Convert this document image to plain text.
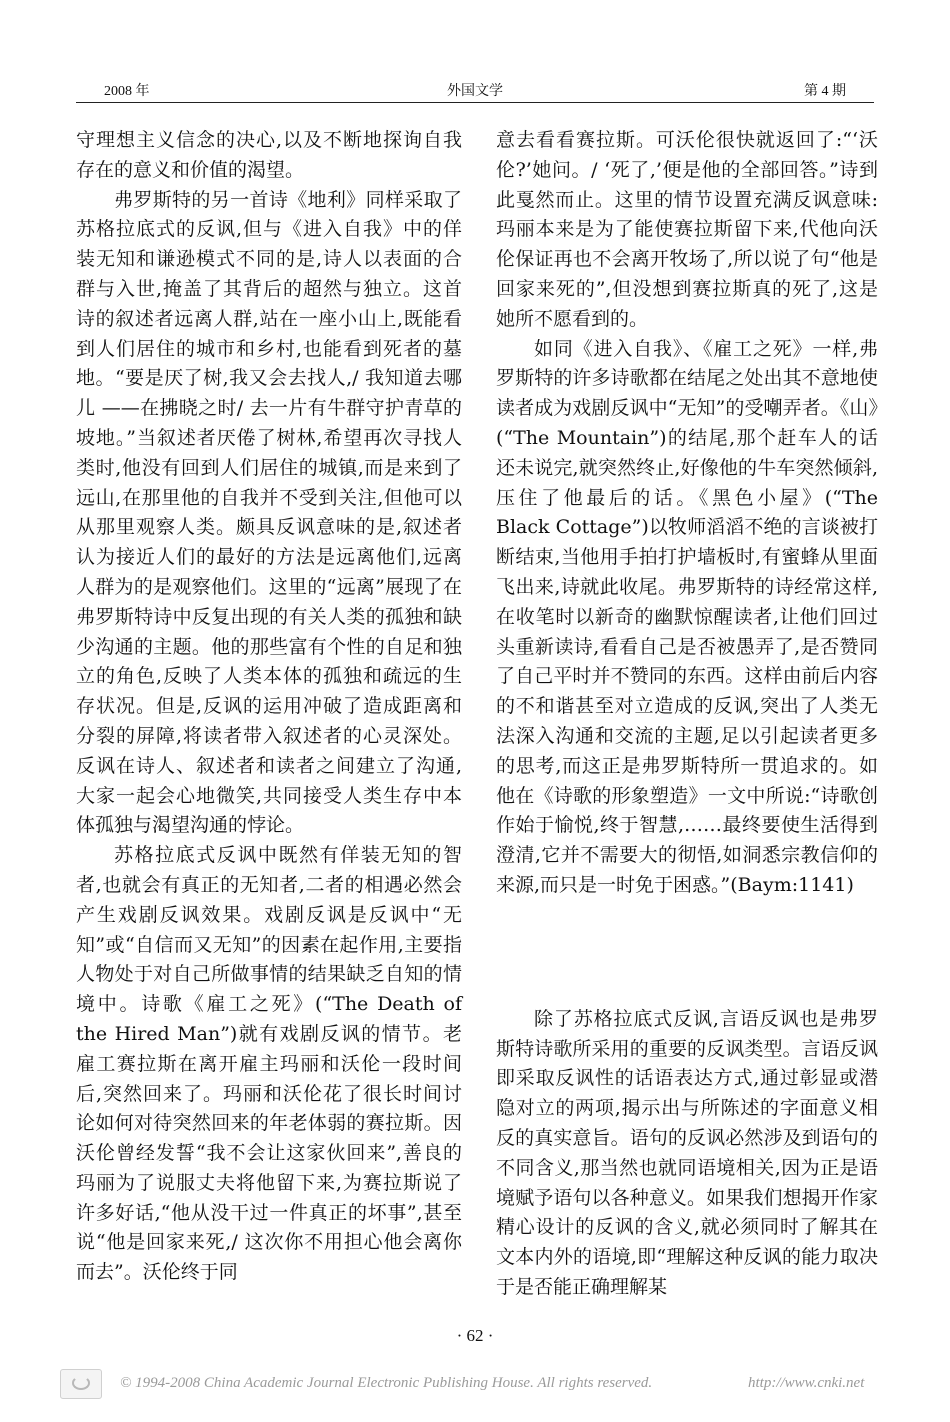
2008 年	外国文学	第 4 期

守理想主义信念的决心,以及不断地探询自我存在的意义和价值的渴望。

弗罗斯特的另一首诗《地利》同样采取了苏格拉底式的反讽,但与《进入自我》中的佯装无知和谦逊模式不同的是,诗人以表面的合群与入世,掩盖了其背后的超然与独立。这首诗的叙述者远离人群,站在一座小山上,既能看到人们居住的城市和乡村,也能看到死者的墓地。“要是厌了树,我又会去找人,/ 我知道去哪儿 ——在拂晓之时/ 去一片有牛群守护青草的坡地。”当叙述者厌倦了树林,希望再次寻找人类时,他没有回到人们居住的城镇,而是来到了远山,在那里他的自我并不受到关注,但他可以从那里观察人类。颇具反讽意味的是,叙述者认为接近人们的最好的方法是远离他们,远离人群为的是观察他们。这里的“远离”展现了在弗罗斯特诗中反复出现的有关人类的孤独和缺少沟通的主题。他的那些富有个性的自足和独立的角色,反映了人类本体的孤独和疏远的生存状况。但是,反讽的运用冲破了造成距离和分裂的屏障,将读者带入叙述者的心灵深处。反讽在诗人、叙述者和读者之间建立了沟通,大家一起会心地微笑,共同接受人类生存中本体孤独与渴望沟通的悖论。

苏格拉底式反讽中既然有佯装无知的智者,也就会有真正的无知者,二者的相遇必然会产生戏剧反讽效果。戏剧反讽是反讽中“无知”或“自信而又无知”的因素在起作用,主要指人物处于对自己所做事情的结果缺乏自知的情境中。诗歌《雇工之死》(“The Death of the Hired Man”)就有戏剧反讽的情节。老雇工赛拉斯在离开雇主玛丽和沃伦一段时间后,突然回来了。玛丽和沃伦花了很长时间讨论如何对待突然回来的年老体弱的赛拉斯。因沃伦曾经发誓“我不会让这家伙回来”,善良的玛丽为了说服丈夫将他留下来,为赛拉斯说了许多好话,“他从没干过一件真正的坏事”,甚至说“他是回家来死,/ 这次你不用担心他会离你而去”。沃伦终于同

意去看看赛拉斯。可沃伦很快就返回了:“‘沃伦?’她问。/ ‘死了,’便是他的全部回答。”诗到此戛然而止。这里的情节设置充满反讽意味:玛丽本来是为了能使赛拉斯留下来,代他向沃伦保证再也不会离开牧场了,所以说了句“他是回家来死的”,但没想到赛拉斯真的死了,这是她所不愿看到的。

如同《进入自我》、《雇工之死》一样,弗罗斯特的许多诗歌都在结尾之处出其不意地使读者成为戏剧反讽中“无知”的受嘲弄者。《山》(“The Mountain”)的结尾,那个赶车人的话还未说完,就突然终止,好像他的牛车突然倾斜,压住了他最后的话。《黑色小屋》(“The Black Cottage”)以牧师滔滔不绝的言谈被打断结束,当他用手拍打护墙板时,有蜜蜂从里面飞出来,诗就此收尾。弗罗斯特的诗经常这样,在收笔时以新奇的幽默惊醒读者,让他们回过头重新读诗,看看自己是否被愚弄了,是否赞同了自己平时并不赞同的东西。这样由前后内容的不和谐甚至对立造成的反讽,突出了人类无法深入沟通和交流的主题,足以引起读者更多的思考,而这正是弗罗斯特所一贯追求的。如他在《诗歌的形象塑造》一文中所说:“诗歌创作始于愉悦,终于智慧,……最终要使生活得到澄清,它并不需要大的彻悟,如洞悉宗教信仰的来源,而只是一时免于困惑。”(Baym:1141)

除了苏格拉底式反讽,言语反讽也是弗罗斯特诗歌所采用的重要的反讽类型。言语反讽即采取反讽性的话语表达方式,通过彰显或潜隐对立的两项,揭示出与所陈述的字面意义相反的真实意旨。语句的反讽必然涉及到语句的不同含义,那当然也就同语境相关,因为正是语境赋予语句以各种意义。如果我们想揭开作家精心设计的反讽的含义,就必须同时了解其在文本内外的语境,即“理解这种反讽的能力取决于是否能正确理解某

· 62 ·
© 1994-2008 China Academic Journal Electronic Publishing House. All rights reserved.	http://www.cnki.net
